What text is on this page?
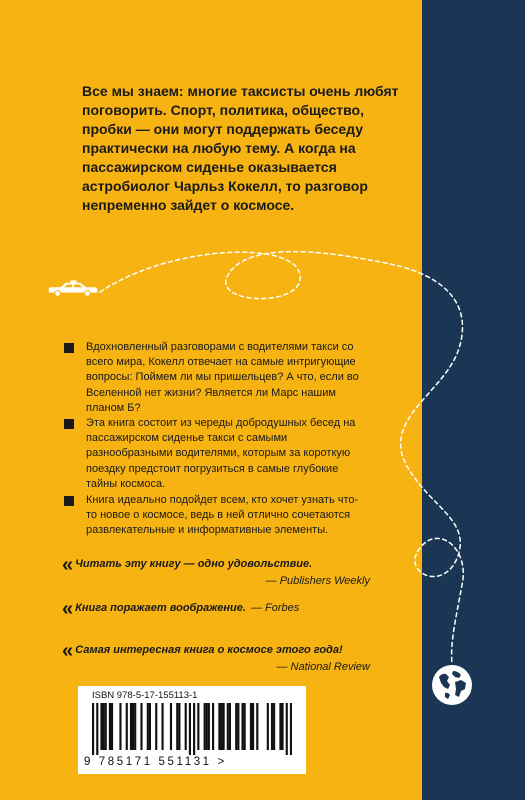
Все мы знаем: многие таксисты очень любят поговорить. Спорт, политика, общество, пробки — они могут поддержать беседу практически на любую тему. А когда на пассажирском сиденье оказывается астробиолог Чарльз Кокелл, то разговор непременно зайдет о космосе.

Вдохновленный разговорами с водителями такси со всего мира, Кокелл отвечает на самые интригующие вопросы: Поймем ли мы пришельцев? А что, если во Вселенной нет жизни? Является ли Марс нашим планом Б?
Эта книга состоит из череды добродушных бесед на пассажирском сиденье такси с самыми разнообразными водителями, которым за короткую поездку предстоит погрузиться в самые глубокие тайны космоса.
Книга идеально подойдет всем, кто хочет узнать что-то новое о космосе, ведь в ней отлично сочетаются развлекательные и информативные элементы.
« Читать эту книгу — одно удовольствие.
— Publishers Weekly
« Книга поражает воображение. — Forbes
« Самая интересная книга о космосе этого года!
— National Review
ISBN 978-5-17-155113-1
9 785171 551131 >
